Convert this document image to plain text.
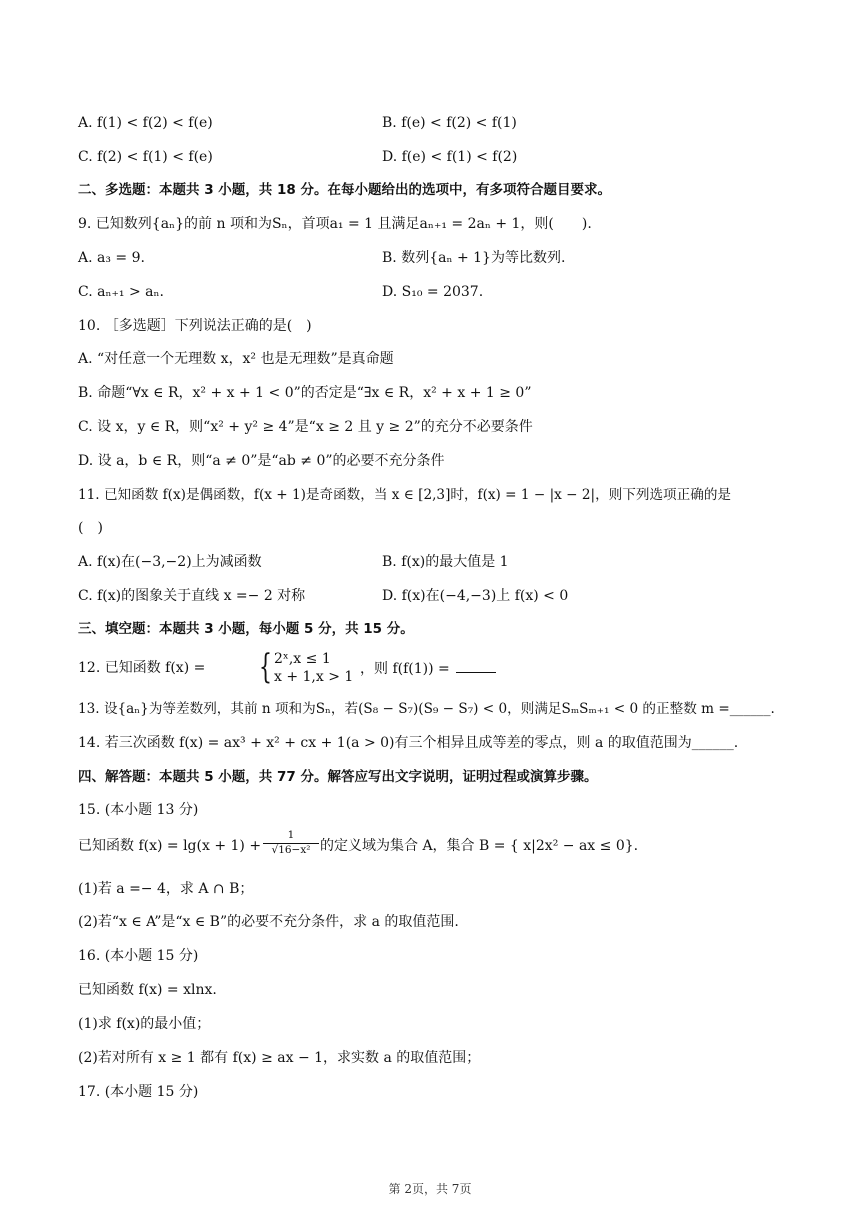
A. f(1) < f(2) < f(e)	B. f(e) < f(2) < f(1)
C. f(2) < f(1) < f(e)	D. f(e) < f(1) < f(2)
二、多选题：本题共 3 小题，共 18 分。在每小题给出的选项中，有多项符合题目要求。
9. 已知数列{aₙ}的前 n 项和为Sₙ，首项a₁ = 1 且满足aₙ₊₁ = 2aₙ + 1，则(　　).
A. a₃ = 9.	B. 数列{aₙ + 1}为等比数列.
C. aₙ₊₁ > aₙ.	D. S₁₀ = 2037.
10. ［多选题］下列说法正确的是(　)
A. “对任意一个无理数 x，x² 也是无理数”是真命题
B. 命题“∀x ∈ R，x² + x + 1 < 0”的否定是“∃x ∈ R，x² + x + 1 ≥ 0”
C. 设 x，y ∈ R，则“x² + y² ≥ 4”是“x ≥ 2 且 y ≥ 2”的充分不必要条件
D. 设 a，b ∈ R，则“a ≠ 0”是“ab ≠ 0”的必要不充分条件
11. 已知函数 f(x)是偶函数，f(x + 1)是奇函数，当 x ∈ [2,3]时，f(x) = 1 − |x − 2|，则下列选项正确的是
(　)
A. f(x)在(−3,−2)上为减函数	B. f(x)的最大值是 1
C. f(x)的图象关于直线 x =− 2 对称	D. f(x)在(−4,−3)上 f(x) < 0
三、填空题：本题共 3 小题，每小题 5 分，共 15 分。
12. 已知函数 f(x) = { 2ˣ,x ≤ 1
x + 1,x > 1 ，则 f(f(1)) =
13. 设{aₙ}为等差数列，其前 n 项和为Sₙ，若(S₈ − S₇)(S₉ − S₇) < 0，则满足SₘSₘ₊₁ < 0 的正整数 m =______.
14. 若三次函数 f(x) = ax³ + x² + cx + 1(a > 0)有三个相异且成等差的零点，则 a 的取值范围为______.
四、解答题：本题共 5 小题，共 77 分。解答应写出文字说明，证明过程或演算步骤。
15. (本小题 13 分)
已知函数 $f(x) = \lg(x + 1) + \frac{1}{\text{√16−x²}}$ 的定义域为集合 A，集合 B = { x|2x² − ax ≤ 0}.
(1)若 a =− 4，求 A ∩ B；
(2)若“x ∈ A”是“x ∈ B”的必要不充分条件，求 a 的取值范围.
16. (本小题 15 分)
已知函数 f(x) = xlnx.
(1)求 f(x)的最小值；
(2)若对所有 x ≥ 1 都有 f(x) ≥ ax − 1，求实数 a 的取值范围；
17. (本小题 15 分)
第 2页，共 7页
